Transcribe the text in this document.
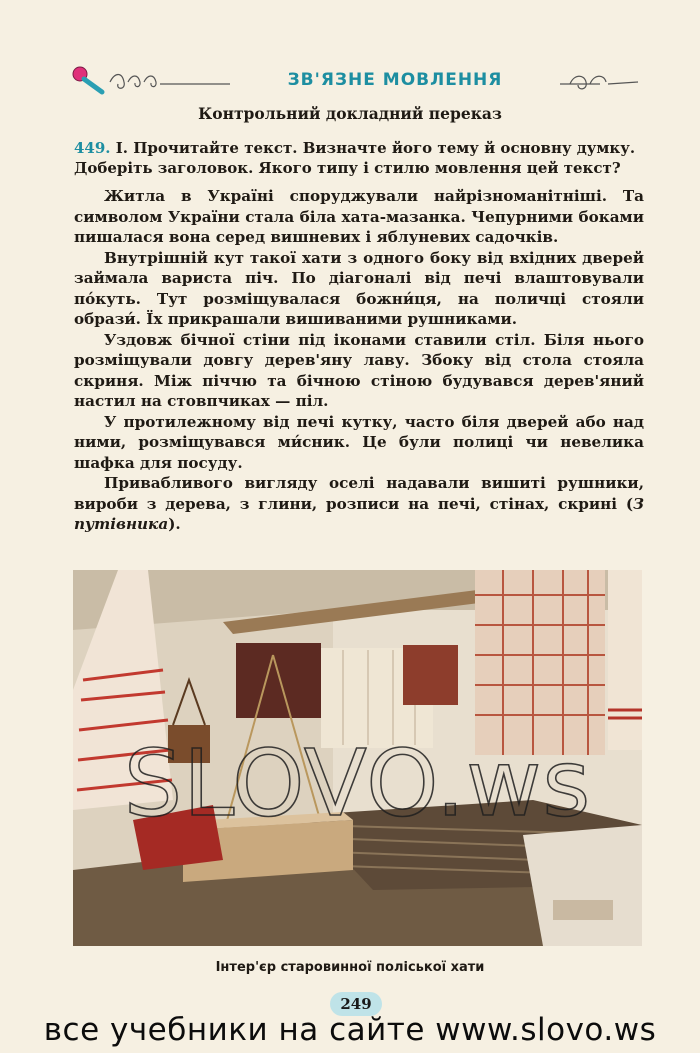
ЗВ'ЯЗНЕ МОВЛЕННЯ
Контрольний докладний переказ
449. І. Прочитайте текст. Визначте його тему й основну думку. Доберіть заголовок. Якого типу і стилю мовлення цей текст?

Житла в Україні споруджували найрізноманітніші. Та символом України стала біла хата-мазанка. Чепурними боками пишалася вона серед вишневих і яблуневих садочків.

Внутрішній кут такої хати з одного боку від вхідних дверей займала вариста піч. По діагоналі від печі влаштовували по́куть. Тут розміщувалася божни́ця, на поличці стояли образи́. Їх прикрашали вишиваними рушниками.

Уздовж бічної стіни під іконами ставили стіл. Біля нього розміщували довгу дерев'яну лаву. Збоку від стола стояла скриня. Між піччю та бічною стіною будувався дерев'яний настил на стовпчиках — піл.

У протилежному від печі кутку, часто біля дверей або над ними, розміщувався ми́сник. Це були полиці чи невелика шафка для посуду.

Привабливого вигляду оселі надавали вишиті рушники, вироби з дерева, з глини, розписи на печі, стінах, скрині (З путівника).

SLOVO.ws
Інтер'єр старовинної поліської хати
249
все учебники на сайте www.slovo.ws
